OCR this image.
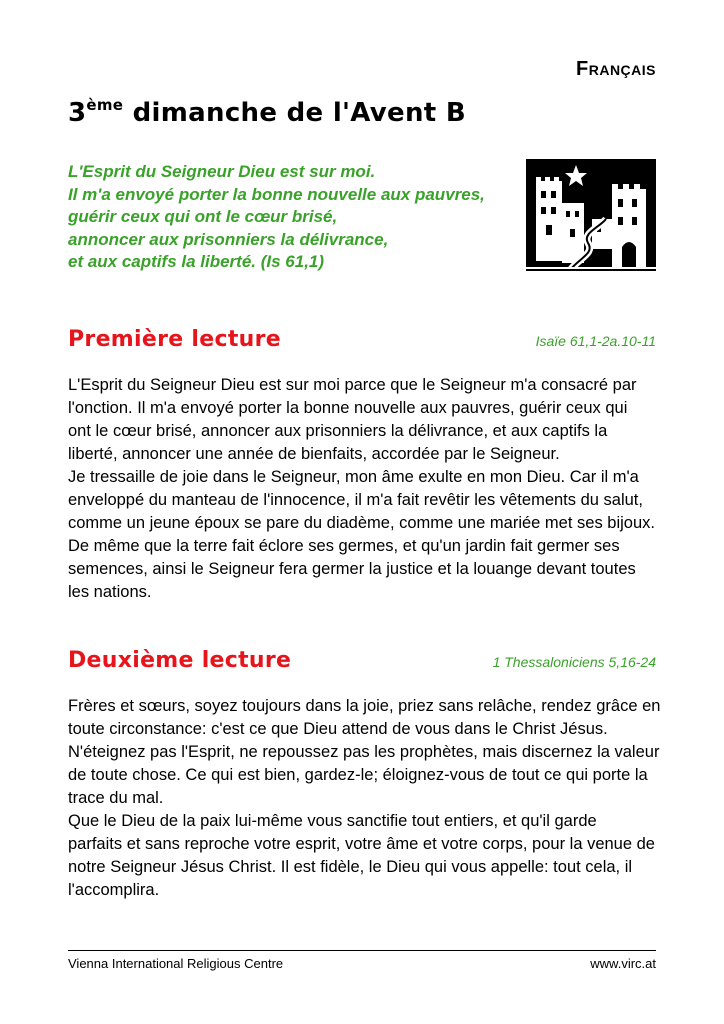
Français
3ème dimanche de l'Avent B
L'Esprit du Seigneur Dieu est sur moi.
Il m'a envoyé porter la bonne nouvelle aux pauvres,
guérir ceux qui ont le cœur brisé,
annoncer aux prisonniers la délivrance,
et aux captifs la liberté. (Is 61,1)
Première lecture	Isaïe 61,1-2a.10-11
L'Esprit du Seigneur Dieu est sur moi parce que le Seigneur m'a consacré par
l'onction. Il m'a envoyé porter la bonne nouvelle aux pauvres, guérir ceux qui
ont le cœur brisé, annoncer aux prisonniers la délivrance, et aux captifs la
liberté, annoncer une année de bienfaits, accordée par le Seigneur.
Je tressaille de joie dans le Seigneur, mon âme exulte en mon Dieu. Car il m'a
enveloppé du manteau de l'innocence, il m'a fait revêtir les vêtements du salut,
comme un jeune époux se pare du diadème, comme une mariée met ses bijoux.
De même que la terre fait éclore ses germes, et qu'un jardin fait germer ses
semences, ainsi le Seigneur fera germer la justice et la louange devant toutes
les nations.
Deuxième lecture	1 Thessaloniciens 5,16-24
Frères et sœurs, soyez toujours dans la joie, priez sans relâche, rendez grâce en
toute circonstance: c'est ce que Dieu attend de vous dans le Christ Jésus.
N'éteignez pas l'Esprit, ne repoussez pas les prophètes, mais discernez la valeur
de toute chose. Ce qui est bien, gardez-le; éloignez-vous de tout ce qui porte la
trace du mal.
Que le Dieu de la paix lui-même vous sanctifie tout entiers, et qu'il garde
parfaits et sans reproche votre esprit, votre âme et votre corps, pour la venue de
notre Seigneur Jésus Christ. Il est fidèle, le Dieu qui vous appelle: tout cela, il
l'accomplira.
Vienna International Religious Centre	www.virc.at
